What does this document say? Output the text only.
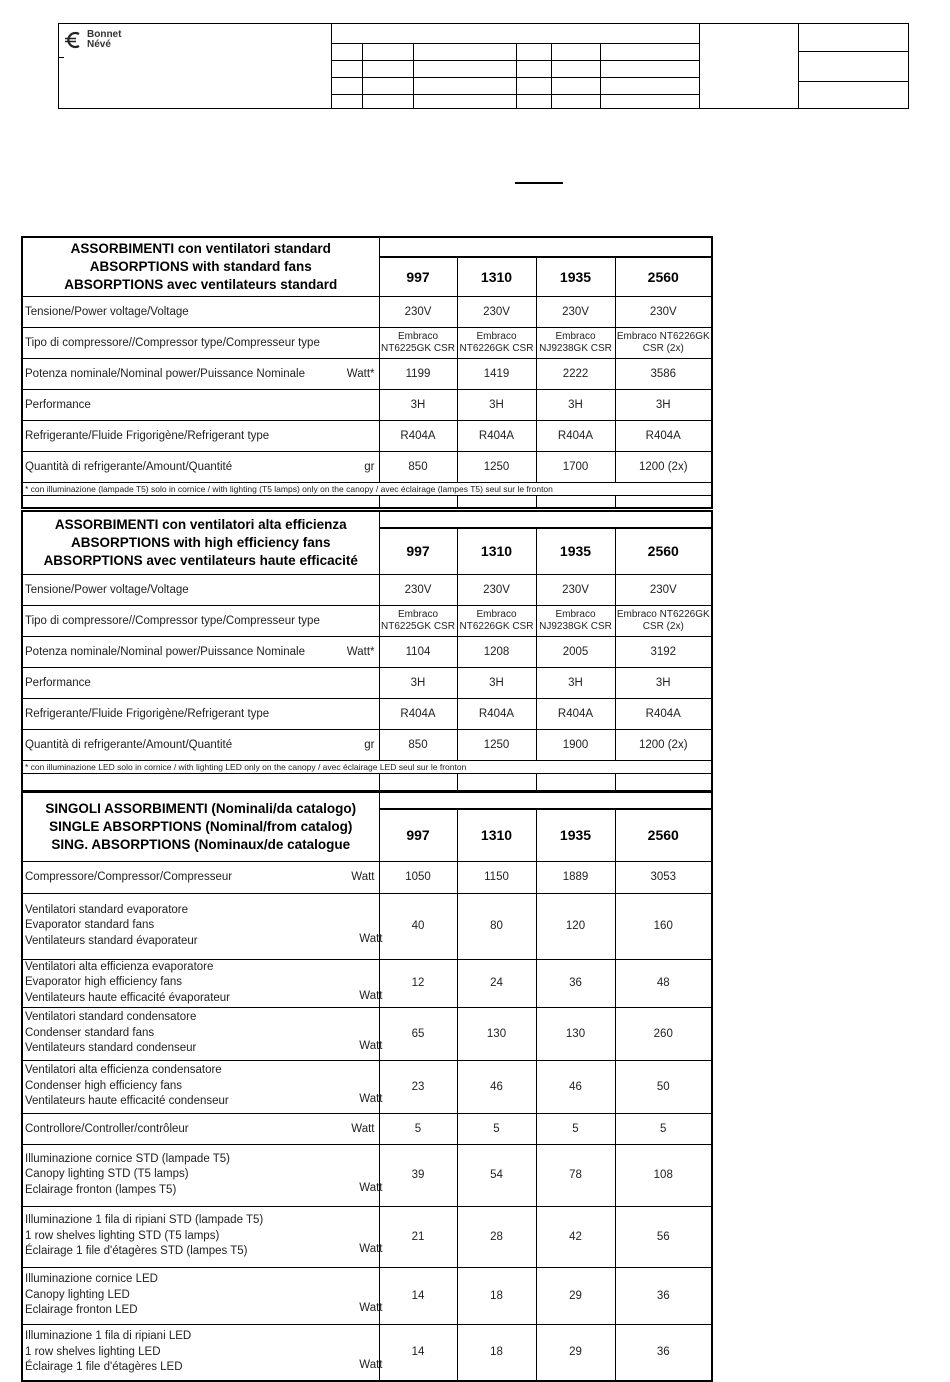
Bonnet
Névé
ASSORBIMENTI con ventilatori standard
ABSORPTIONS with standard fans
ABSORPTIONS avec ventilateurs standard				

	997	1310	1935	2560
Tensione/Power voltage/Voltage	230V	230V	230V	230V
Tipo di compressore//Compressor type/Compresseur type	Embraco NT6225GK CSR	Embraco NT6226GK CSR	Embraco NJ9238GK CSR	Embraco NT6226GK CSR (2x)
Potenza nominale/Nominal power/Puissance Nominale Watt*	1199	1419	2222	3586
Performance	3H	3H	3H	3H
Refrigerante/Fluide Frigorigène/Refrigerant type	R404A	R404A	R404A	R404A
Quantità di refrigerante/Amount/Quantité gr	850	1250	1700	1200 (2x)
* con illuminazione (lampade T5) solo in cornice / with lighting (T5 lamps) only on the canopy / avec éclairage (lampes T5) seul sur le fronton				

ASSORBIMENTI con ventilatori alta efficienza
ABSORPTIONS with high efficiency fans
ABSORPTIONS avec ventilateurs haute efficacité				

	997	1310	1935	2560
Tensione/Power voltage/Voltage	230V	230V	230V	230V
Tipo di compressore//Compressor type/Compresseur type	Embraco NT6225GK CSR	Embraco NT6226GK CSR	Embraco NJ9238GK CSR	Embraco NT6226GK CSR (2x)
Potenza nominale/Nominal power/Puissance Nominale Watt*	1104	1208	2005	3192
Performance	3H	3H	3H	3H
Refrigerante/Fluide Frigorigène/Refrigerant type	R404A	R404A	R404A	R404A
Quantità di refrigerante/Amount/Quantité gr	850	1250	1900	1200 (2x)
* con illuminazione LED solo in cornice / with lighting LED only on the canopy / avec éclairage LED seul sur le fronton				

SINGOLI ASSORBIMENTI (Nominali/da catalogo)
SINGLE ABSORPTIONS (Nominal/from catalog)
SING. ABSORPTIONS (Nominaux/de catalogue				

	997	1310	1935	2560
Compressore/Compressor/Compresseur Watt	1050	1150	1889	3053

Ventilatori standard evaporatore
Evaporator standard fans
Ventilateurs standard évaporateur Watt	40	80	120	160

Ventilatori alta efficienza evaporatore
Evaporator high efficiency fans
Ventilateurs haute efficacité évaporateur Watt	12	24	36	48

Ventilatori standard condensatore
Condenser standard fans
Ventilateurs standard condenseur Watt	65	130	130	260

Ventilatori alta efficienza condensatore
Condenser high efficiency fans
Ventilateurs haute efficacité condenseur Watt	23	46	46	50
Controllore/Controller/contrôleur Watt	5	5	5	5

Illuminazione cornice STD (lampade T5)
Canopy lighting STD (T5 lamps)
Eclairage fronton (lampes T5) Watt	39	54	78	108

Illuminazione 1 fila di ripiani STD (lampade T5)
1 row shelves lighting STD (T5 lamps)
Éclairage 1 file d'étagères STD (lampes T5) Watt	21	28	42	56

Illuminazione cornice LED
Canopy lighting LED
Eclairage fronton LED Watt	14	18	29	36

Illuminazione 1 fila di ripiani LED
1 row shelves lighting LED
Éclairage 1 file d'étagères LED Watt	14	18	29	36
